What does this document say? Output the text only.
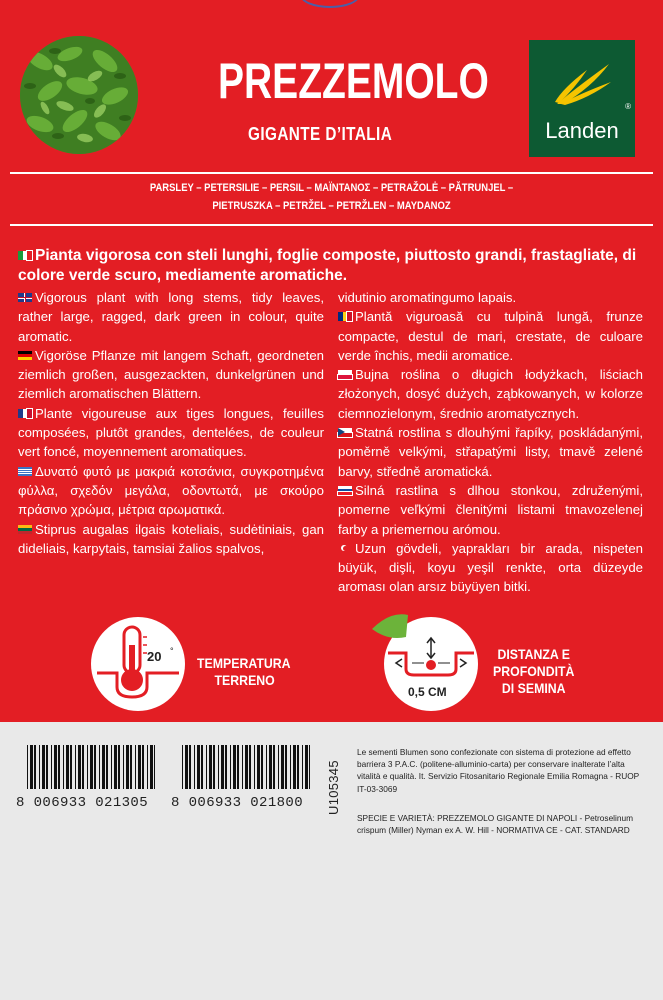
PREZZEMOLO
GIGANTE D’ITALIA
®
Landen
PARSLEY – PETERSILIE – PERSIL – MAÏNTANOΣ – PETRAŽOLĖ – PĂTRUNJEL –
PIETRUSZKA – PETRŽEL – PETRŽLEN – MAYDANOZ
Pianta vigorosa con steli lunghi, foglie composte, piuttosto grandi, frastagliate, di colore verde scuro, mediamente aromatiche.
Vigorous plant with long stems, tidy leaves, rather large, ragged, dark green in colour, quite aromatic.
Vigoröse Pflanze mit langem Schaft, geordneten ziemlich großen, ausgezackten, dunkelgrünen und ziemlich aromatischen Blättern.
Plante vigoureuse aux tiges longues, feuilles composées, plutôt grandes, dentelées, de couleur vert foncé, moyennement aromatiques.
Δυνατό φυτό με μακριά κοτσάνια, συγκροτημένα φύλλα, σχεδόν μεγάλα, οδοντωτά, με σκούρο πράσινο χρώμα, μέτρια αρωματικά.
Stiprus augalas ilgais koteliais, sudėtiniais, gan dideliais, karpytais, tamsiai žalios spalvos,
vidutinio aromatingumo lapais.
Plantă viguroasă cu tulpină lungă, frunze compacte, destul de mari, crestate, de culoare verde închis, medii aromatice.
Bujna roślina o długich łodyżkach, liściach złożonych, dosyć dużych, ząbkowanych, w kolorze ciemnozielonym, średnio aromatycznych.
Statná rostlina s dlouhými řapíky, poskládanými, poměrně velkými, střapatými listy, tmavě zelené barvy, středně aromatická.
Silná rastlina s dlhou stonkou, združenými, pomerne veľkými členitými listami tmavozelenej farby a priemernou arómou.
Uzun gövdeli, yaprakları bir arada, nispeten büyük, dişli, koyu yeşil renkte, orta düzeyde aroması olan arsız büyüyen bitki.
20 °
TEMPERATURA
TERRENO
0,5 CM
DISTANZA E
PROFONDITÀ
DI SEMINA
8 006933 021305 8 006933 021800 U105345
Le sementi Blumen sono confezionate con sistema di protezione ad effetto barriera 3 P.A.C. (politene-alluminio-carta) per conservare inalterate l’alta vitalità e qualità. It. Servizio Fitosanitario Regionale Emilia Romagna - RUOP IT-03-3069
SPECIE E VARIETÀ: PREZZEMOLO GIGANTE DI NAPOLI - Petroselinum crispum (Miller) Nyman ex A. W. Hill - NORMATIVA CE - CAT. STANDARD
